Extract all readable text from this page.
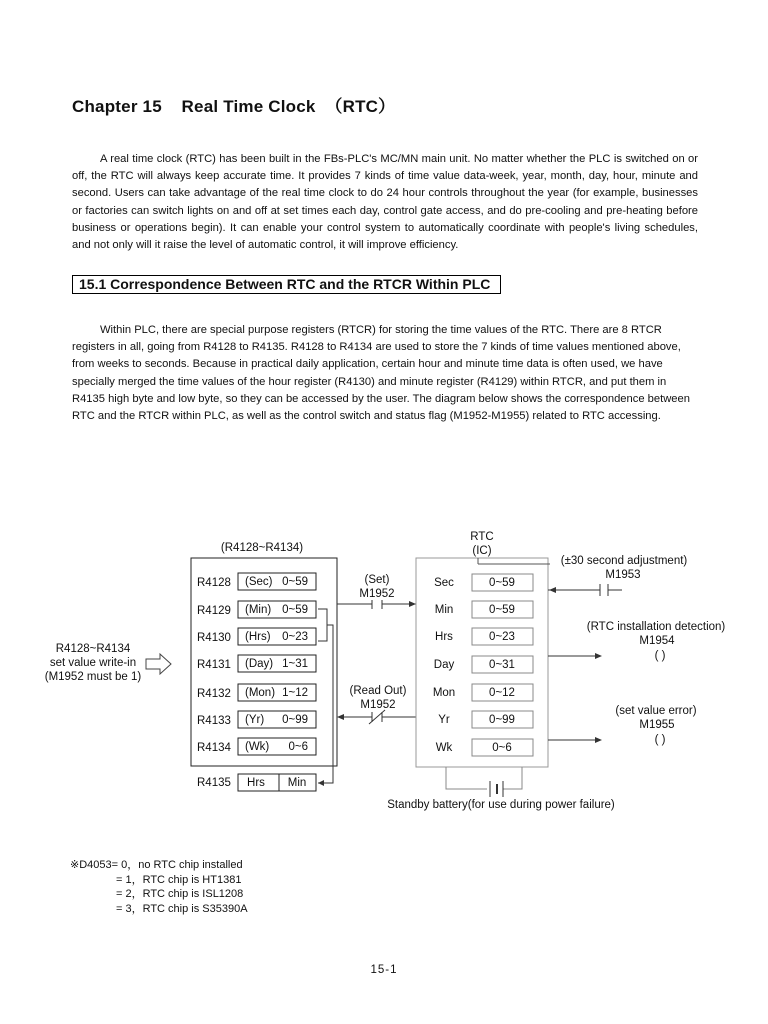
Chapter 15    Real Time Clock  （RTC）

A real time clock (RTC) has been built in the FBs-PLC's MC/MN main unit. No matter whether the PLC is switched on or off, the RTC will always keep accurate time. It provides 7 kinds of time value data-week, year, month, day, hour, minute and second. Users can take advantage of the real time clock to do 24 hour controls throughout the year (for example, businesses or factories can switch lights on and off at set times each day, control gate access, and do pre-cooling and pre-heating before business or operations begin). It can enable your control system to automatically coordinate with people's living schedules, and not only will it raise the level of automatic control, it will improve efficiency.

15.1 Correspondence Between RTC and the RTCR Within PLC

Within PLC, there are special purpose registers (RTCR) for storing the time values of the RTC. There are 8 RTCR registers in all, going from R4128 to R4135. R4128 to R4134 are used to store the 7 kinds of time values mentioned above, from weeks to seconds. Because in practical daily application, certain hour and minute time data is often used, we have specially merged the time values of the hour register (R4130) and minute register (R4129) within RTCR, and put them in R4135 high byte and low byte, so they can be accessed by the user. The diagram below shows the correspondence between RTC and the RTCR within PLC, as well as the control switch and status flag (M1952-M1955) related to RTC accessing.

(R4128~R4134)
R4128 (Sec) 0~59
R4129 (Min) 0~59
R4130 (Hrs) 0~23
R4131 (Day) 1~31
R4132 (Mon) 1~12
R4133 (Yr) 0~99
R4134 (Wk) 0~6
R4135 Hrs Min
R4128~R4134
set value write-in
(M1952 must be 1)
(Set)
M1952
(Read Out)
M1952
RTC
(IC)
Sec	0~59
Min	0~59
Hrs	0~23
Day	0~31
Mon	0~12
Yr	0~99
Wk	0~6
(±30 second adjustment)
M1953
(RTC installation detection)
M1954
( )
(set value error)
M1955
( )
Standby battery(for use during power failure)
※D4053= 0，no RTC chip installed
= 1，RTC chip is HT1381
= 2，RTC chip is ISL1208
= 3，RTC chip is S35390A
15-1
